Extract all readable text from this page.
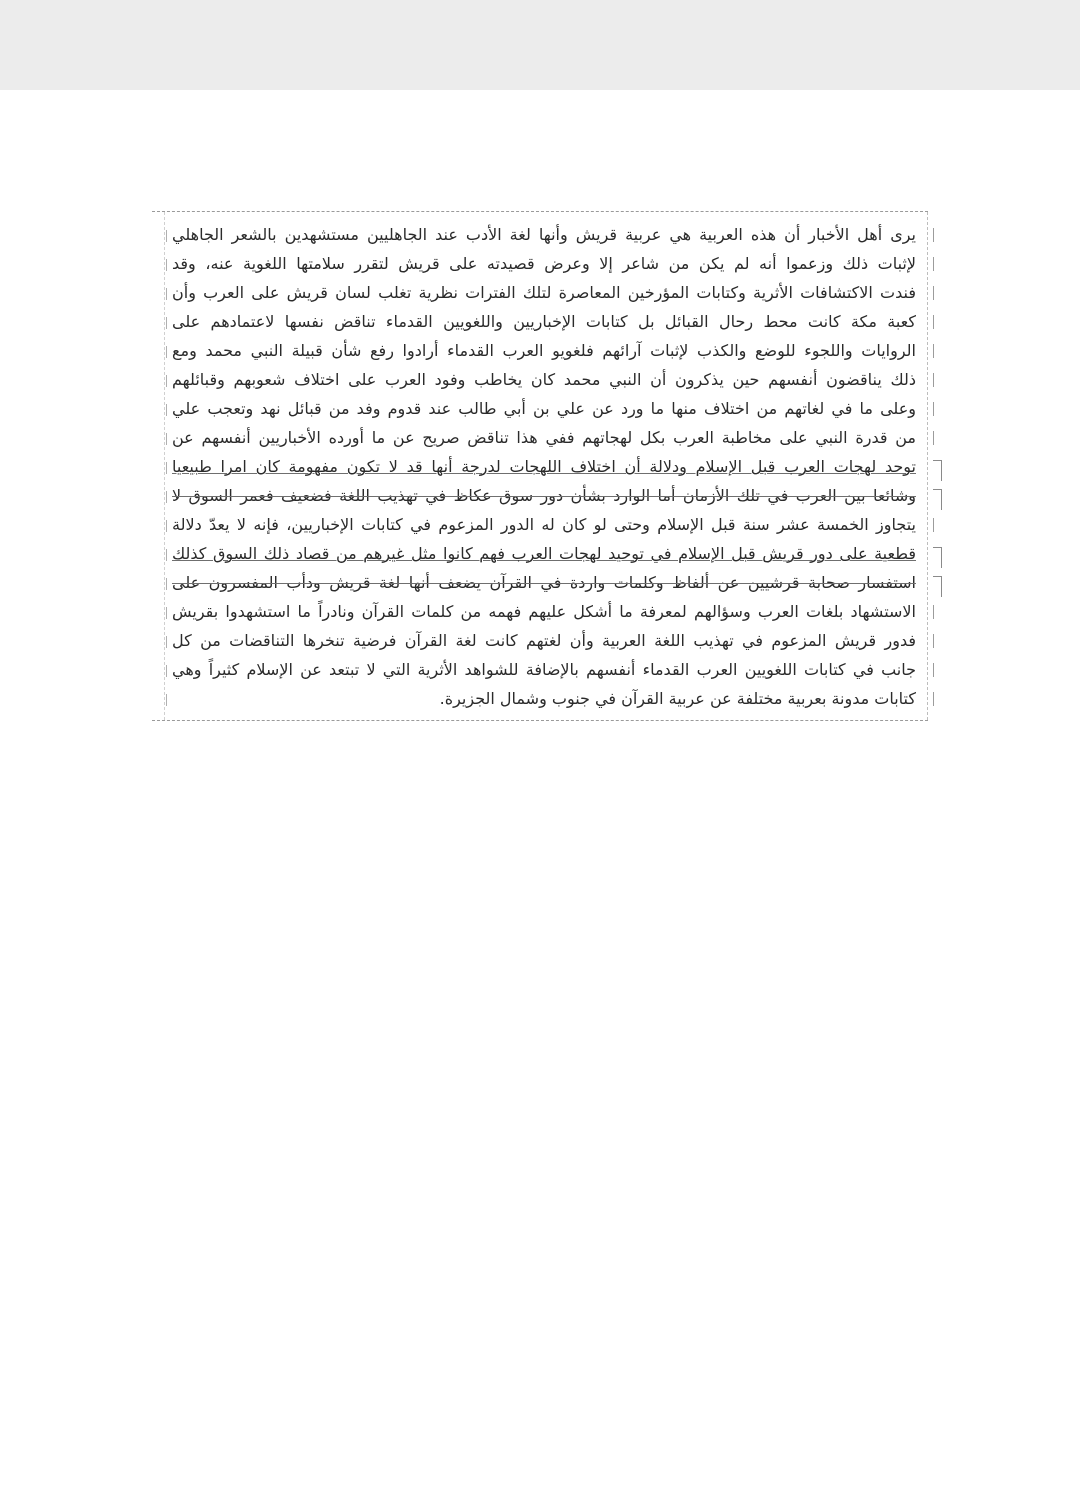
يرى أهل الأخبار أن هذه العربية هي عربية قريش وأنها لغة الأدب عند الجاهليين مستشهدين بالشعر الجاهلي
لإثبات ذلك وزعموا أنه لم يكن من شاعر إلا وعرض قصيدته على قريش لتقرر سلامتها اللغوية عنه، وقد
فندت الاكتشافات الأثرية وكتابات المؤرخين المعاصرة لتلك الفترات نظرية تغلب لسان قريش على العرب وأن
كعبة مكة كانت محط رحال القبائل بل كتابات الإخباريين واللغويين القدماء تناقض نفسها لاعتمادهم على
الروايات واللجوء للوضع والكذب لإثبات آرائهم فلغويو العرب القدماء أرادوا رفع شأن قبيلة النبي محمد ومع
ذلك يناقضون أنفسهم حين يذكرون أن النبي محمد كان يخاطب وفود العرب على اختلاف شعوبهم وقبائلهم
وعلى ما في لغاتهم من اختلاف منها ما ورد عن علي بن أبي طالب عند قدوم وفد من قبائل نهد وتعجب علي
من قدرة النبي على مخاطبة العرب بكل لهجاتهم ففي هذا تناقض صريح عن ما أورده الأخباريين أنفسهم عن
توحد لهجات العرب قبل الإسلام ودلالة أن اختلاف اللهجات لدرجة أنها قد لا تكون مفهومة كان امرا طبيعيا
وشائعا بين العرب في تلك الأزمان أما الوارد بشأن دور سوق عكاظ في تهذيب اللغة فضعيف فعمر السوق لا
يتجاوز الخمسة عشر سنة قبل الإسلام وحتى لو كان له الدور المزعوم في كتابات الإخباريين، فإنه لا يعدّ دلالة
قطعية على دور قريش قبل الإسلام في توحيد لهجات العرب فهم كانوا مثل غيرهم من قصاد ذلك السوق كذلك
استفسار صحابة قرشيين عن ألفاظ وكلمات واردة في القرآن يضعف أنها لغة قريش ودأب المفسرون على
الاستشهاد بلغات العرب وسؤالهم لمعرفة ما أشكل عليهم فهمه من كلمات القرآن ونادراً ما استشهدوا بقريش
فدور قريش المزعوم في تهذيب اللغة العربية وأن لغتهم كانت لغة القرآن فرضية تنخرها التناقضات من كل
جانب في كتابات اللغويين العرب القدماء أنفسهم بالإضافة للشواهد الأثرية التي لا تبتعد عن الإسلام كثيراً وهي
كتابات مدونة بعربية مختلفة عن عربية القرآن في جنوب وشمال الجزيرة.
